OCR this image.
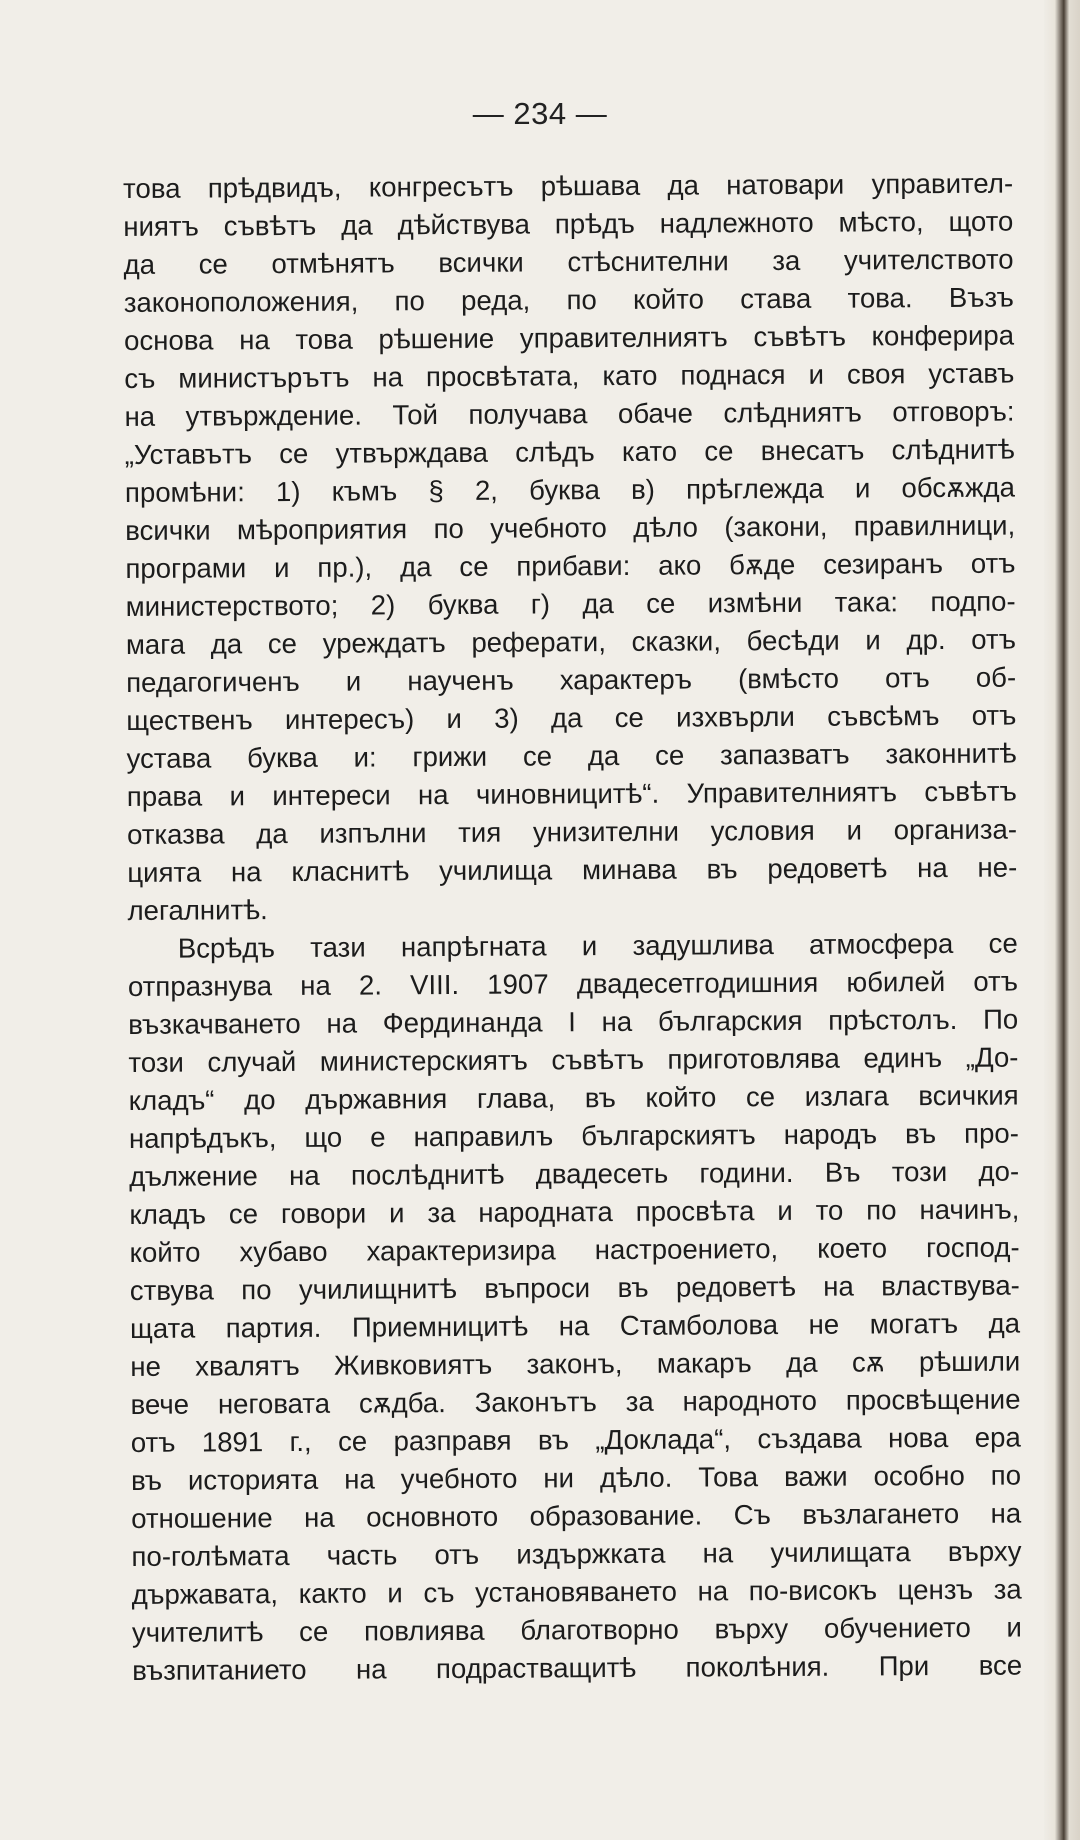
— 234 —
това прѣдвидъ, конгресътъ рѣшава да натовари управител-
ниятъ съвѣтъ да дѣйствува прѣдъ надлежното мѣсто, щото
да се отмѣнятъ всички стѣснителни за учителството
законоположения, по реда, по който става това. Възъ
основа на това рѣшение управителниятъ съвѣтъ конферира
съ министърътъ на просвѣтата, като поднася и своя уставъ
на утвърждение. Той получава обаче слѣдниятъ отговоръ:
„Уставътъ се утвърждава слѣдъ като се внесатъ слѣднитѣ
промѣни: 1) къмъ § 2, буква в) прѣглежда и обсѫжда
всички мѣроприятия по учебното дѣло (закони, правилници,
програми и пр.), да се прибави: ако бѫде сезиранъ отъ
министерството; 2) буква г) да се измѣни така: подпо-
мага да се уреждатъ реферати, сказки, бесѣди и др. отъ
педагогиченъ и наученъ характеръ (вмѣсто отъ об-
щественъ интересъ) и 3) да се изхвърли съвсѣмъ отъ
устава буква и: грижи се да се запазватъ законнитѣ
права и интереси на чиновницитѣ“. Управителниятъ съвѣтъ
отказва да изпълни тия унизителни условия и организа-
цията на класнитѣ училища минава въ редоветѣ на не-
легалнитѣ.
Всрѣдъ тази напрѣгната и задушлива атмосфера се
отпразнува на 2. VIII. 1907 двадесетгодишния юбилей отъ
възкачването на Фердинанда I на българския прѣстолъ. По
този случай министерскиятъ съвѣтъ приготовлява единъ „До-
кладъ“ до държавния глава, въ който се излага всичкия
напрѣдъкъ, що е направилъ българскиятъ народъ въ про-
дължение на послѣднитѣ двадесеть години. Въ този до-
кладъ се говори и за народната просвѣта и то по начинъ,
който хубаво характеризира настроението, което господ-
ствува по училищнитѣ въпроси въ редоветѣ на властвува-
щата партия. Приемницитѣ на Стамболова не могатъ да
не хвалятъ Живковиятъ законъ, макаръ да сѫ рѣшили
вече неговата сѫдба. Законътъ за народното просвѣщение
отъ 1891 г., се разправя въ „Доклада“, създава нова ера
въ историята на учебното ни дѣло. Това важи особно по
отношение на основното образование. Съ възлагането на
по-голѣмата часть отъ издържката на училищата върху
държавата, както и съ установяването на по-високъ цензъ за
учителитѣ се повлиява благотворно върху обучението и
възпитанието на подрастващитѣ поколѣния. При все
